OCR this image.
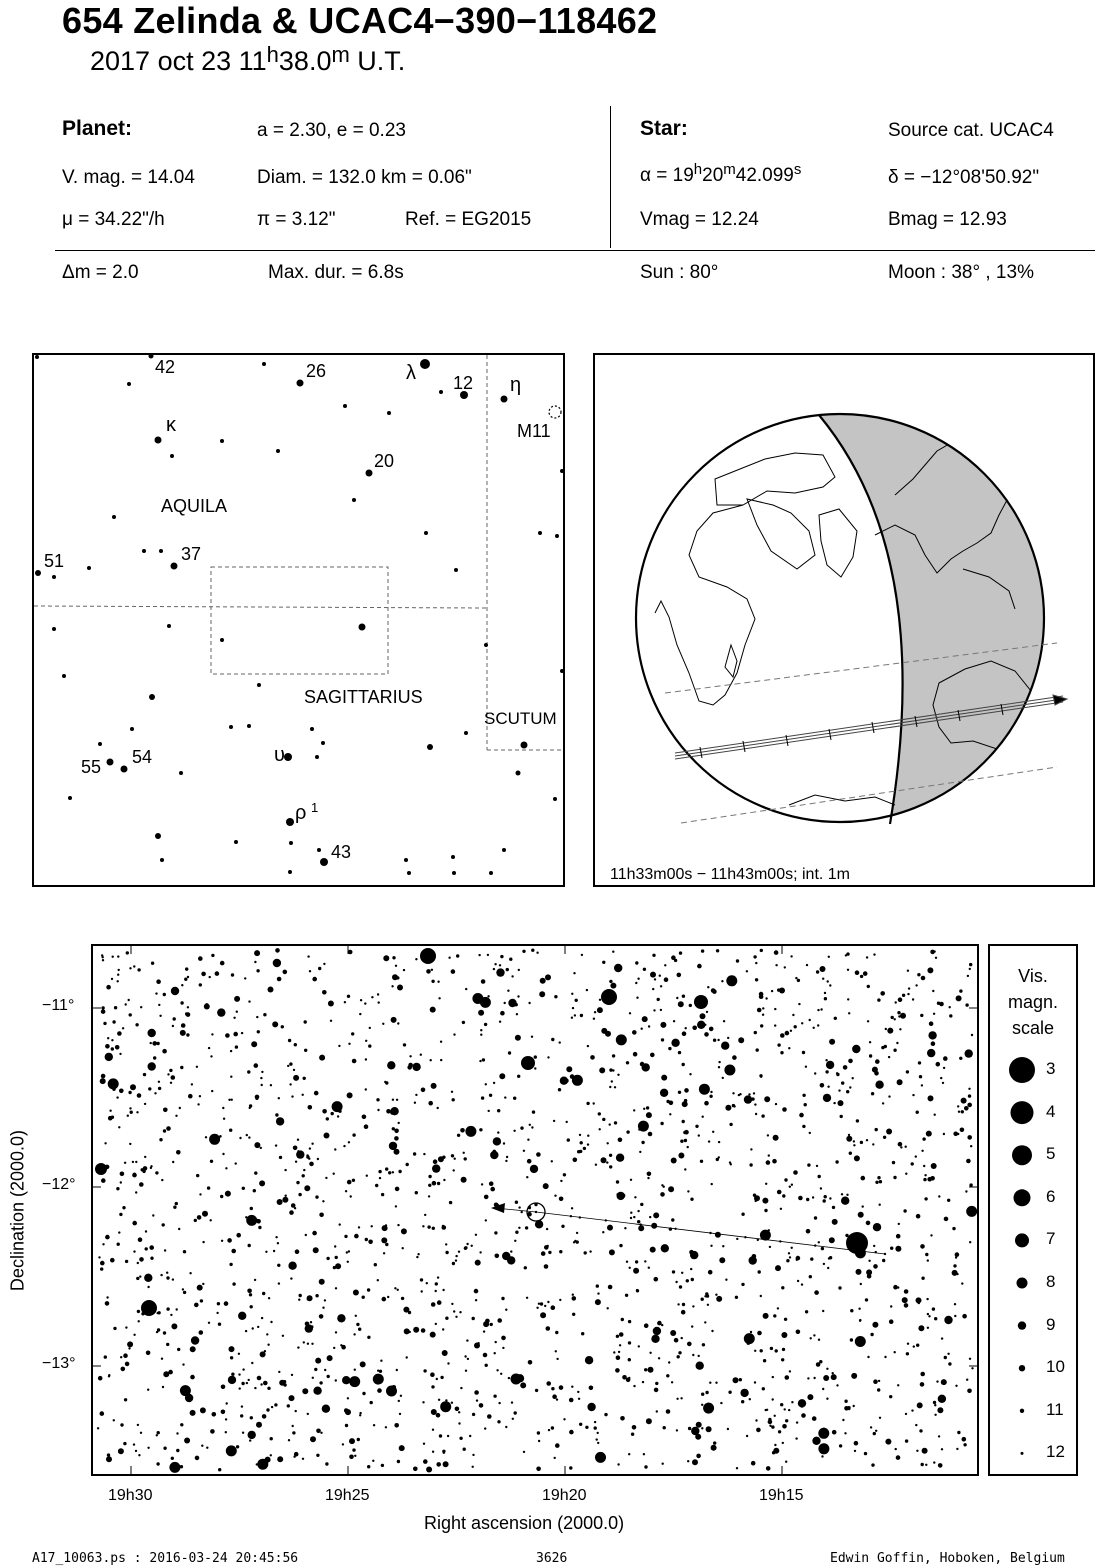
654 Zelinda & UCAC4−390−118462
2017 oct 23 11$^h$38.0$^m$ U.T.
Planet:	a = 2.30, e = 0.23
V. mag. = 14.04	Diam. = 132.0 km = 0.06"
μ = 34.22"/h	π = 3.12"	Ref. = EG2015
Star:	Source cat. UCAC4
$\alpha = 19^h20^m42.099^s$	δ = −12°08'50.92"
Vmag = 12.24	Bmag = 12.93
Δm = 2.0	Max. dur. = 6.8s	Sun : 80°	Moon : 38° , 13%
42	26	λ 12 η
M11
κ
20
51	37
55 54	υ
ρ 1
43
AQUILA
SAGITTARIUS
SCUTUM
11h33m00s − 11h43m00s; int. 1m
−11°
−12°
−13°
19h30	19h25	19h20	19h15
Right ascension (2000.0)
Declination (2000.0)
Vis.
magn.
scale
3
4
5
6
7
8
9
10
11
12
A17_10063.ps : 2016-03-24 20:45:56	3626	Edwin Goffin, Hoboken, Belgium
